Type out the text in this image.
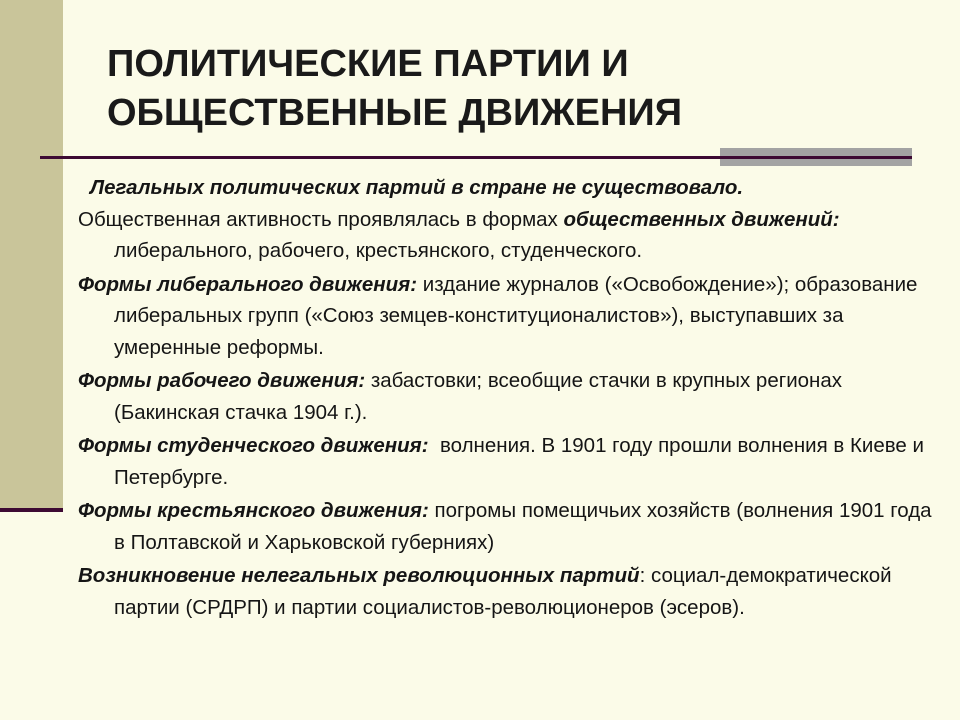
ПОЛИТИЧЕСКИЕ ПАРТИИ И
ОБЩЕСТВЕННЫЕ ДВИЖЕНИЯ

Легальных политических партий в стране не существовало.

Общественная активность проявлялась в формах общественных движений: либерального, рабочего, крестьянского, студенческого.

Формы либерального движения: издание журналов («Освобождение»); образование либеральных групп («Союз земцев-конституционалистов»), выступавших за умеренные реформы.

Формы рабочего движения: забастовки; всеобщие стачки в крупных регионах (Бакинская стачка 1904 г.).

Формы студенческого движения:  волнения. В 1901 году прошли волнения в Киеве и Петербурге.

Формы крестьянского движения: погромы помещичьих хозяйств (волнения 1901 года в Полтавской и Харьковской губерниях)

Возникновение нелегальных революционных партий: социал-демократической партии (СРДРП) и партии социалистов-революционеров (эсеров).
